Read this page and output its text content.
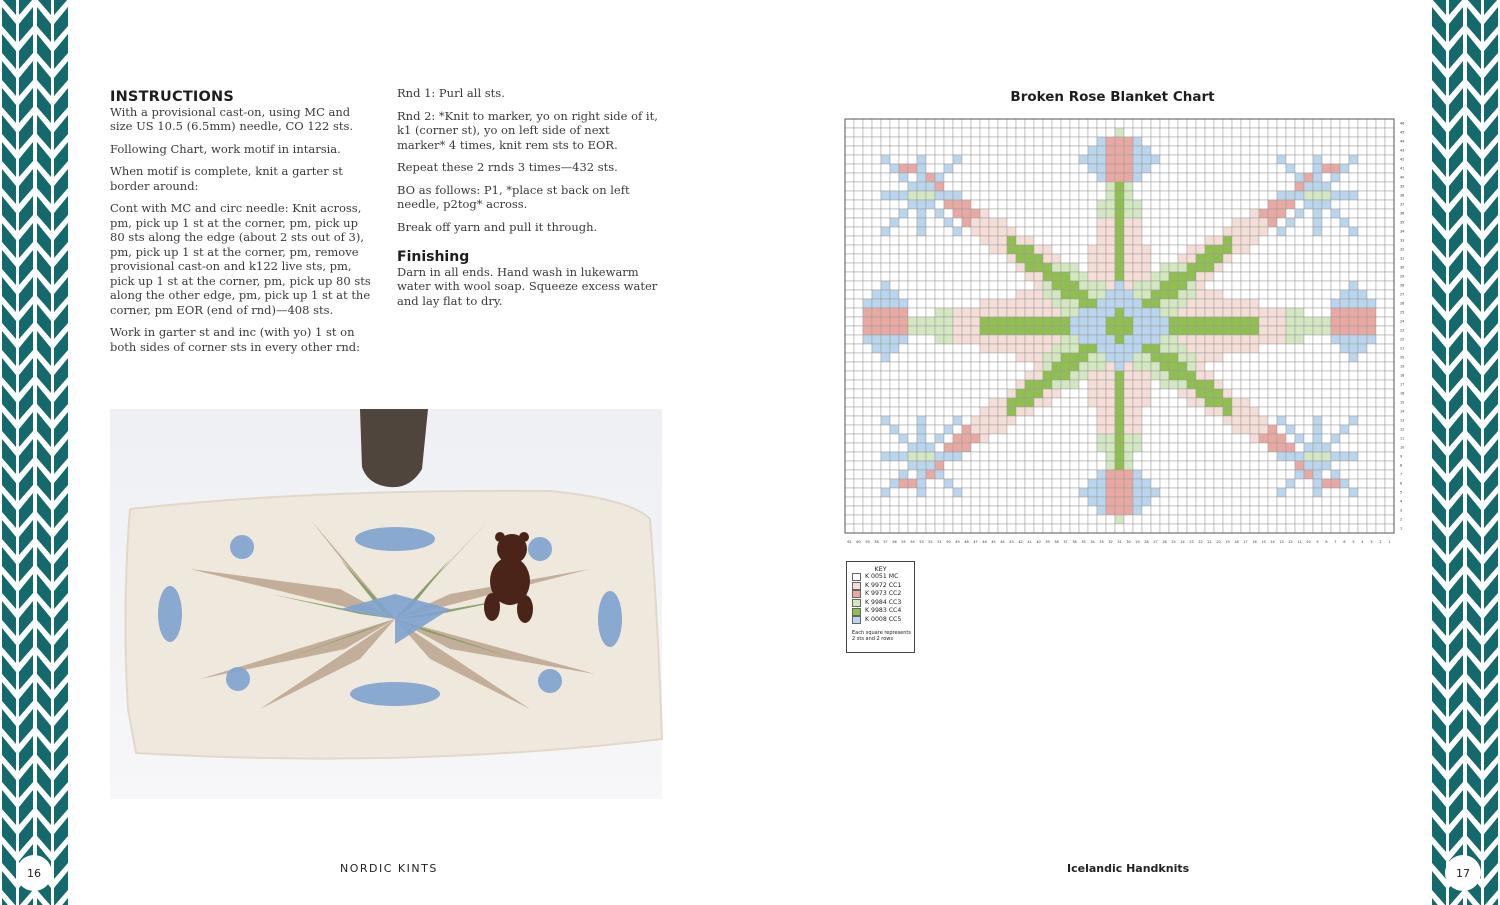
INSTRUCTIONS

With a provisional cast-on, using MC and size US 10.5 (6.5mm) needle, CO 122 sts.

Following Chart, work motif in intarsia.

When motif is complete, knit a garter st border around:

Cont with MC and circ needle: Knit across, pm, pick up 1 st at the corner, pm, pick up 80 sts along the edge (about 2 sts out of 3), pm, pick up 1 st at the corner, pm, remove provisional cast-on and k122 live sts, pm, pick up 1 st at the corner, pm, pick up 80 sts along the other edge, pm, pick up 1 st at the corner, pm EOR (end of rnd)—408 sts.

Work in garter st and inc (with yo) 1 st on both sides of corner sts in every other rnd:

Rnd 1: Purl all sts.

Rnd 2: *Knit to marker, yo on right side of it, k1 (corner st), yo on left side of next marker* 4 times, knit rem sts to EOR.

Repeat these 2 rnds 3 times—432 sts.

BO as follows: P1, *place st back on left needle, p2tog* across.

Break off yarn and pull it through.

Finishing

Darn in all ends. Hand wash in lukewarm water with wool soap. Squeeze excess water and lay flat to dry.

Broken Rose Blanket Chart
61 60 59 58 57 56 55 54 53 52 51 50 49 48 47 46 45 44 43 42 41 40 39 38 37 36 35 34 33 32 31 30 29 28 27 26 25 24 23 22 21 20 19 18 17 16 15 14 13 12 11 10 9 8 7 6 5 4 3 2 1
1
2
3
4
5
6
7
8
9
10
11
12
13
14
15
16
17
18
19
20
21
22
23
24
25
26
27
28
29
30
31
32
33
34
35
36
37
38
39
40
41
42
43
44
45
46
KEY
K 0051 MC
K 9972 CC1
K 9973 CC2
K 9984 CC3
K 9983 CC4
K 0008 CC5
Each square represents 2 sts and 2 rows
16	NORDIC KINTS	Icelandic Handknits	17
